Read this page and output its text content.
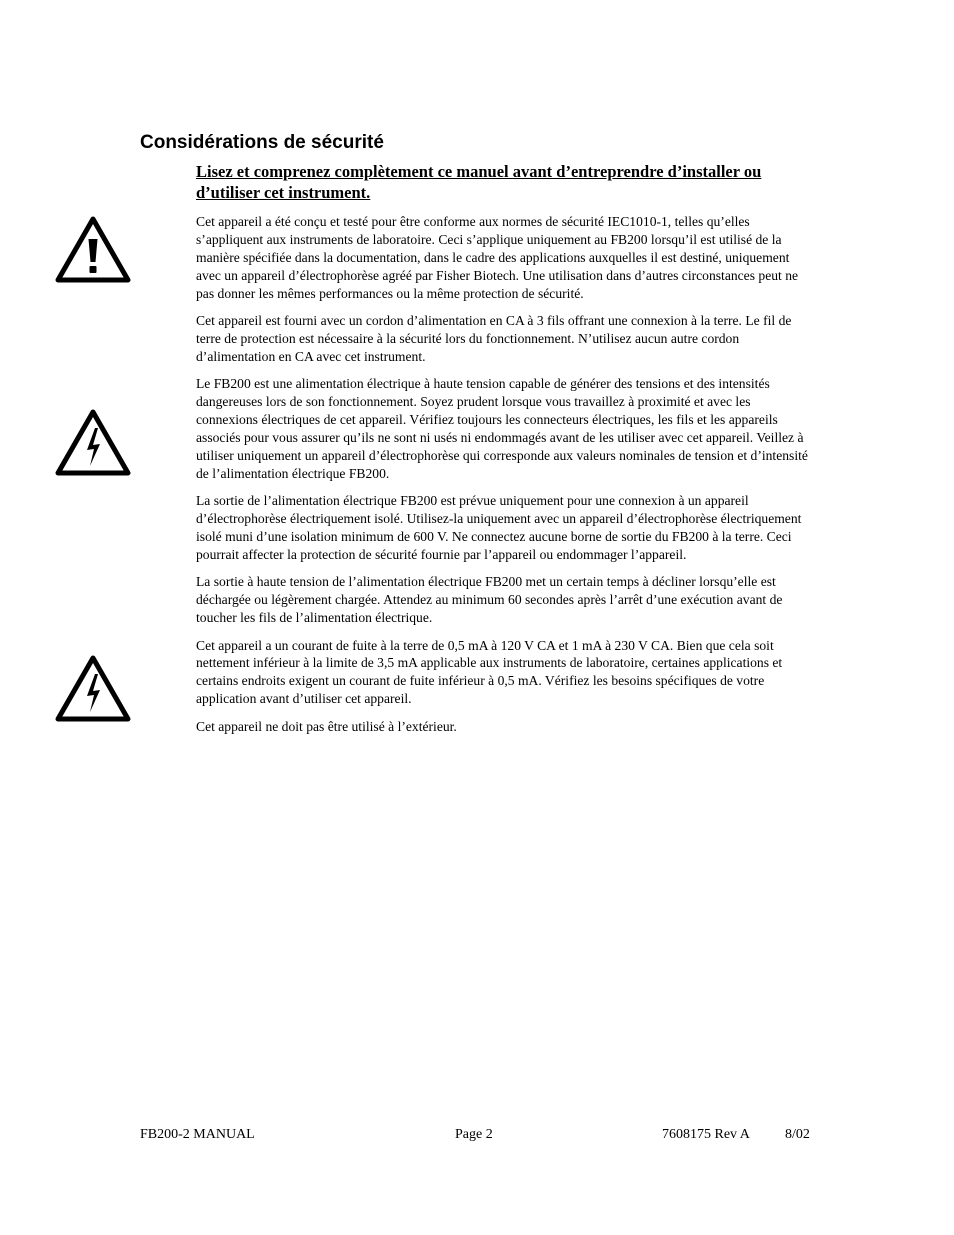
Considérations de sécurité

Lisez et comprenez complètement ce manuel avant d’entreprendre d’installer ou d’utiliser cet instrument.

Cet appareil a été conçu et testé pour être conforme aux normes de sécurité IEC1010-1, telles qu’elles s’appliquent aux instruments de laboratoire. Ceci s’applique uniquement au FB200 lorsqu’il est utilisé de la manière spécifiée dans la documentation, dans le cadre des applications auxquelles il est destiné, uniquement avec un appareil d’électrophorèse agréé par Fisher Biotech. Une utilisation dans d’autres circonstances peut ne pas donner les mêmes performances ou la même protection de sécurité.

Cet appareil est fourni avec un cordon d’alimentation en CA à 3 fils offrant une connexion à la terre. Le fil de terre de protection est nécessaire à la sécurité lors du fonctionnement. N’utilisez aucun autre cordon d’alimentation en CA avec cet instrument.

Le FB200 est une alimentation électrique à haute tension capable de générer des tensions et des intensités dangereuses lors de son fonctionnement. Soyez prudent lorsque vous travaillez à proximité et avec les connexions électriques de cet appareil. Vérifiez toujours les connecteurs électriques, les fils et les appareils associés pour vous assurer qu’ils ne sont ni usés ni endommagés avant de les utiliser avec cet appareil. Veillez à utiliser uniquement un appareil d’électrophorèse qui corresponde aux valeurs nominales de tension et d’intensité de l’alimentation électrique FB200.

La sortie de l’alimentation électrique FB200 est prévue uniquement pour une connexion à un appareil d’électrophorèse électriquement isolé. Utilisez-la uniquement avec un appareil d’électrophorèse électriquement isolé muni d’une isolation minimum de 600 V. Ne connectez aucune borne de sortie du FB200 à la terre. Ceci pourrait affecter la protection de sécurité fournie par l’appareil ou endommager l’appareil.

La sortie à haute tension de l’alimentation électrique FB200 met un certain temps à décliner lorsqu’elle est déchargée ou légèrement chargée. Attendez au minimum 60 secondes après l’arrêt d’une exécution avant de toucher les fils de l’alimentation électrique.

Cet appareil a un courant de fuite à la terre de 0,5 mA à 120 V CA et 1 mA à 230 V CA. Bien que cela soit nettement inférieur à la limite de 3,5 mA applicable aux instruments de laboratoire, certaines applications et certains endroits exigent un courant de fuite inférieur à 0,5 mA. Vérifiez les besoins spécifiques de votre application avant d’utiliser cet appareil.

Cet appareil ne doit pas être utilisé à l’extérieur.

FB200-2 MANUAL	Page 2	7608175 Rev A	8/02
